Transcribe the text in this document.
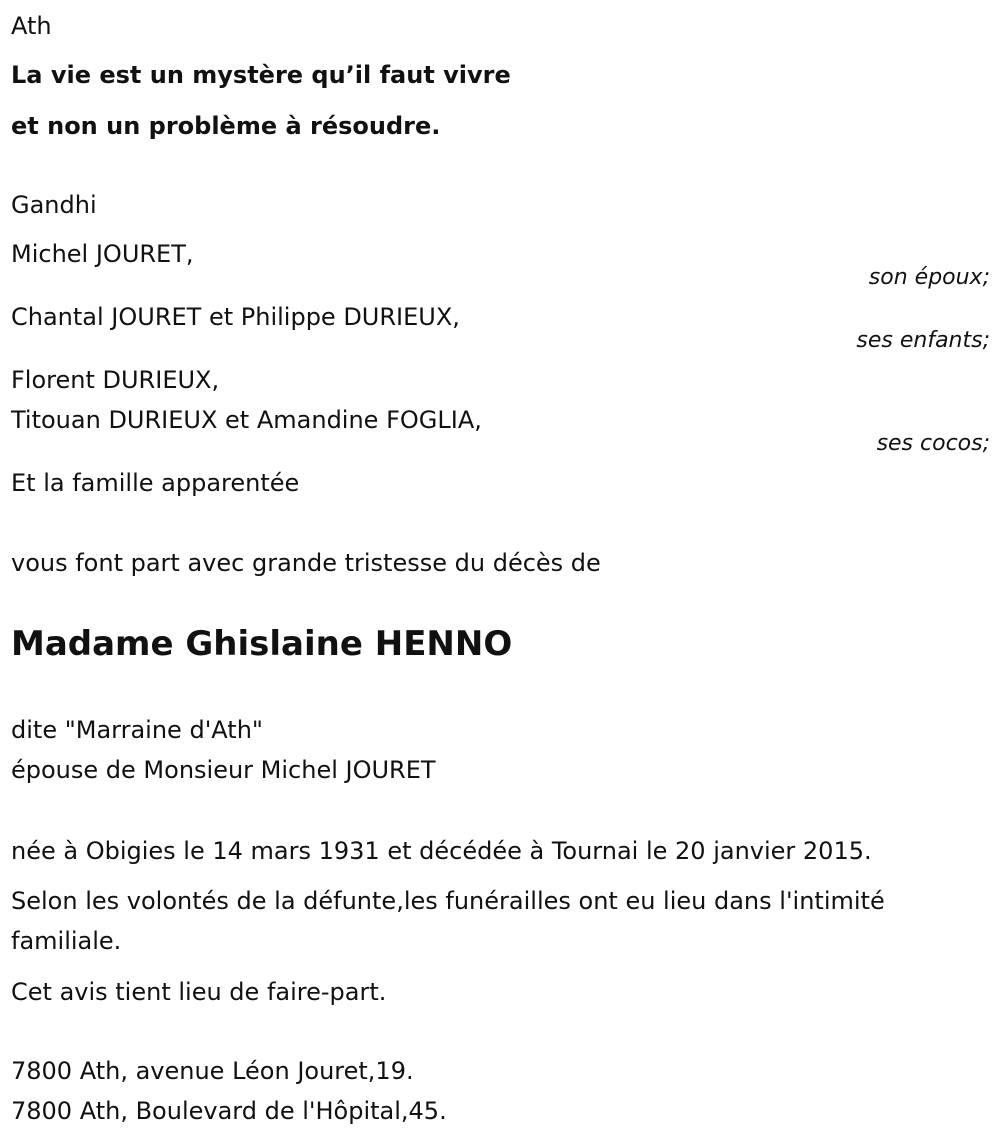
Ath
La vie est un mystère qu’il faut vivre
et non un problème à résoudre.
Gandhi
Michel JOURET,
son époux;
Chantal JOURET et Philippe DURIEUX,
ses enfants;
Florent DURIEUX,
Titouan DURIEUX et Amandine FOGLIA,
ses cocos;
Et la famille apparentée
vous font part avec grande tristesse du décès de
Madame Ghislaine HENNO
dite "Marraine d'Ath"
épouse de Monsieur Michel JOURET
née à Obigies le 14 mars 1931 et décédée à Tournai le 20 janvier 2015.
Selon les volontés de la défunte,les funérailles ont eu lieu dans l'intimité
familiale.
Cet avis tient lieu de faire-part.
7800 Ath, avenue Léon Jouret,19.
7800 Ath, Boulevard de l'Hôpital,45.
